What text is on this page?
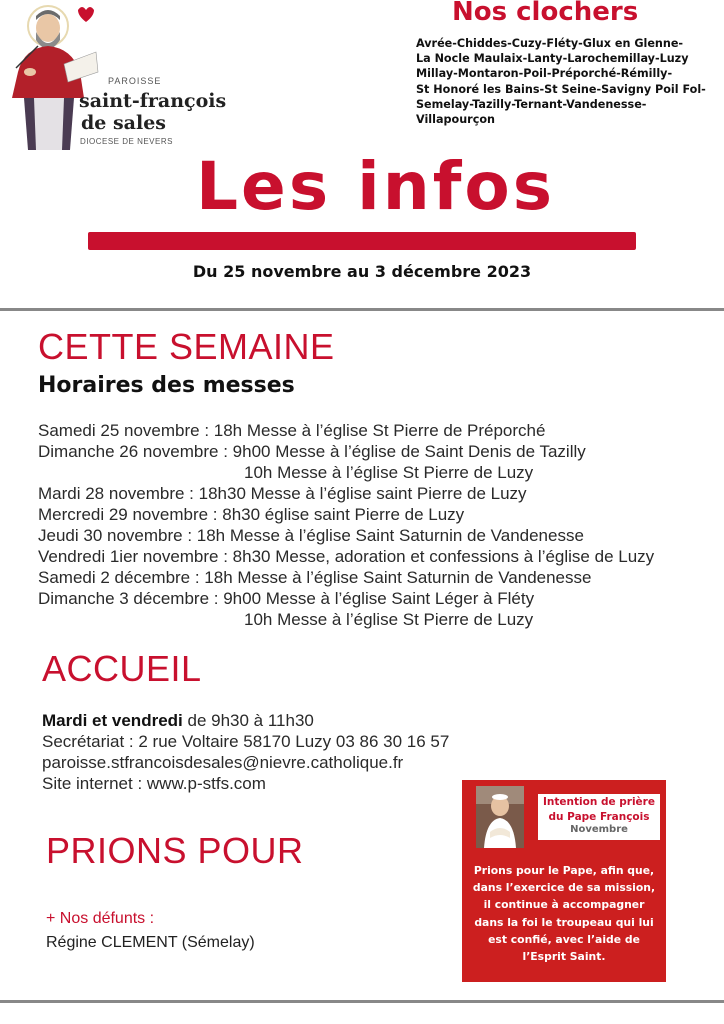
PAROISSE
saint-françois
de sales
DIOCESE DE NEVERS
Nos clochers
Avrée-Chiddes-Cuzy-Fléty-Glux en Glenne-
La Nocle Maulaix-Lanty-Larochemillay-Luzy
Millay-Montaron-Poil-Préporché-Rémilly-
St Honoré les Bains-St Seine-Savigny Poil Fol-
Semelay-Tazilly-Ternant-Vandenesse-
Villapourçon
Les infos
Du 25 novembre au 3 décembre 2023
CETTE SEMAINE
Horaires des messes
Samedi 25 novembre : 18h Messe à l’église St Pierre de Préporché
Dimanche 26 novembre : 9h00 Messe à l’église de Saint Denis de Tazilly
10h Messe à l’église St Pierre de Luzy
Mardi 28 novembre : 18h30 Messe à l’église saint Pierre de Luzy
Mercredi 29 novembre : 8h30 église saint Pierre de Luzy
Jeudi 30 novembre : 18h Messe à l’église Saint Saturnin de Vandenesse
Vendredi 1ier novembre : 8h30 Messe, adoration et confessions à l’église de Luzy
Samedi 2 décembre : 18h Messe à l’église Saint Saturnin de Vandenesse
Dimanche 3 décembre : 9h00 Messe à l’église Saint Léger à Fléty
10h Messe à l’église St Pierre de Luzy
ACCUEIL
Mardi et vendredi de 9h30 à 11h30
Secrétariat : 2 rue Voltaire 58170 Luzy 03 86 30 16 57
paroisse.stfrancoisdesales@nievre.catholique.fr
Site internet : www.p-stfs.com
PRIONS POUR
+ Nos défunts :
Régine CLEMENT (Sémelay)
Intention de prière
du Pape François
Novembre
Prions pour le Pape, afin que,
dans l’exercice de sa mission,
il continue à accompagner
dans la foi le troupeau qui lui
est confié, avec l’aide de
l’Esprit Saint.
